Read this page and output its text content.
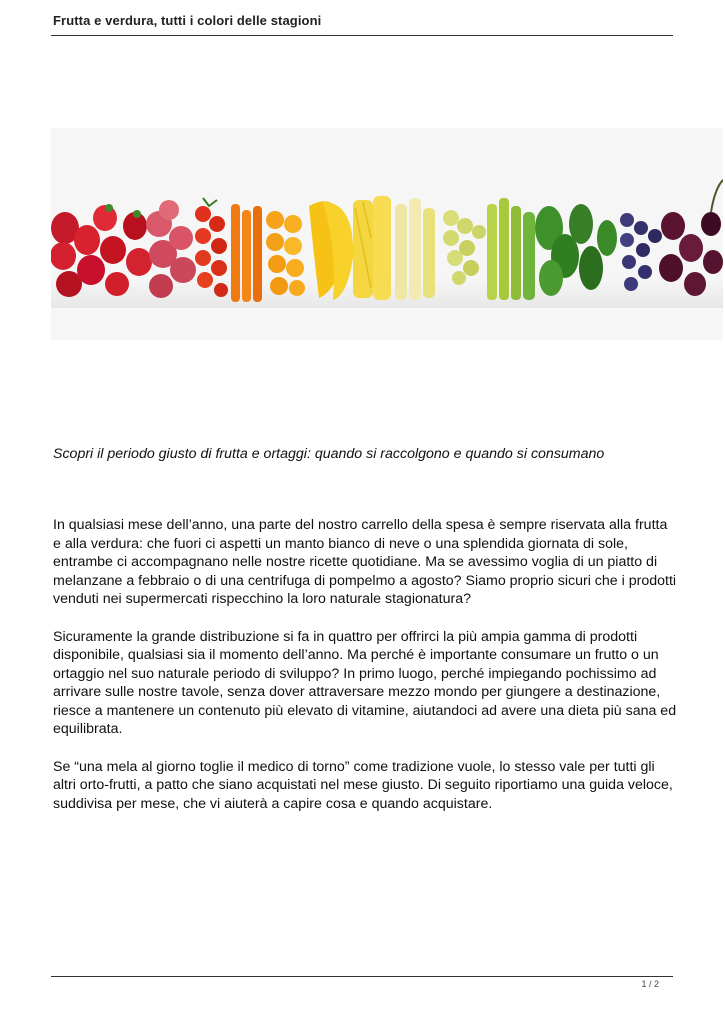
Frutta e verdura, tutti i colori delle stagioni
Scopri il periodo giusto di frutta e ortaggi: quando si raccolgono e quando si consumano

In qualsiasi mese dell’anno, una parte del nostro carrello della spesa è sempre riservata alla frutta e alla verdura: che fuori ci aspetti un manto bianco di neve o una splendida giornata di sole, entrambe ci accompagnano nelle nostre ricette quotidiane. Ma se avessimo voglia di un piatto di melanzane a febbraio o di una centrifuga di pompelmo a agosto? Siamo proprio sicuri che i prodotti venduti nei supermercati rispecchino la loro naturale stagionatura?

Sicuramente la grande distribuzione si fa in quattro per offrirci la più ampia gamma di prodotti disponibile, qualsiasi sia il momento dell’anno. Ma perché è importante consumare un frutto o un ortaggio nel suo naturale periodo di sviluppo? In primo luogo, perché impiegando pochissimo ad arrivare sulle nostre tavole, senza dover attraversare mezzo mondo per giungere a destinazione, riesce a mantenere un contenuto più elevato di vitamine, aiutandoci ad avere una dieta più sana ed equilibrata.

Se “una mela al giorno toglie il medico di torno” come tradizione vuole, lo stesso vale per tutti gli altri orto-frutti, a patto che siano acquistati nel mese giusto. Di seguito riportiamo una guida veloce, suddivisa per mese, che vi aiuterà a capire cosa e quando acquistare.

1 / 2
